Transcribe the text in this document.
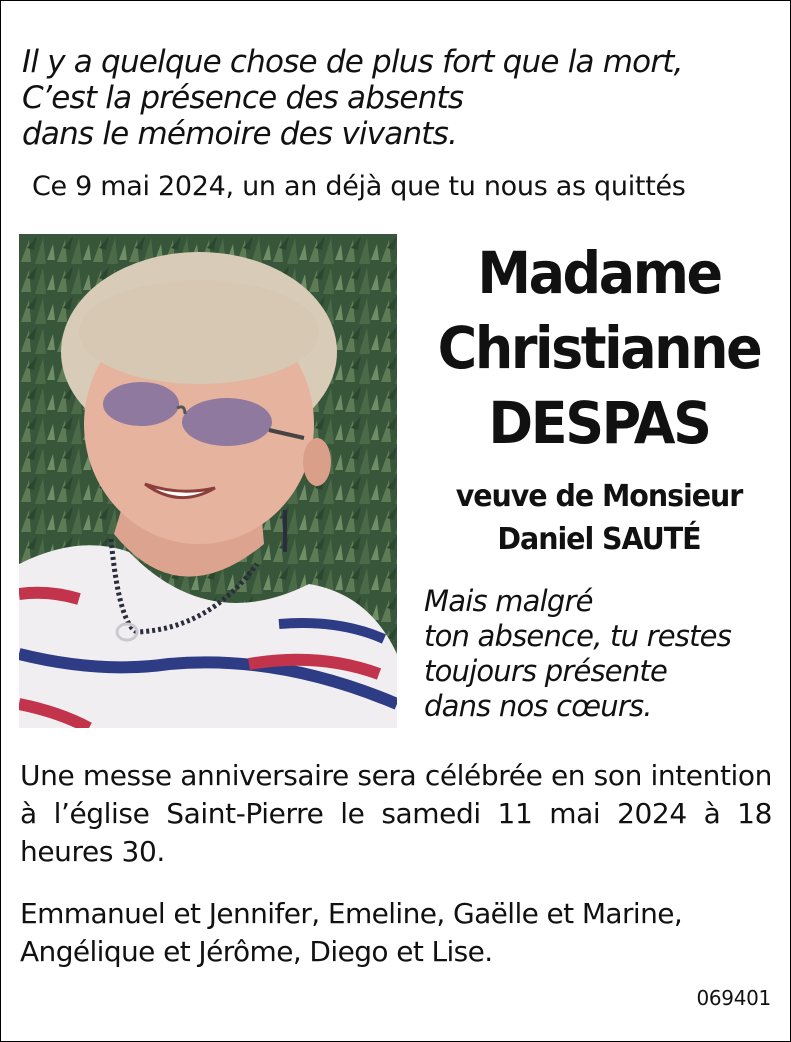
Il y a quelque chose de plus fort que la mort,
C’est la présence des absents
dans le mémoire des vivants.
Ce 9 mai 2024, un an déjà que tu nous as quittés
Madame
Christianne
DESPAS
veuve de Monsieur
Daniel SAUTÉ
Mais malgré
ton absence, tu restes
toujours présente
dans nos cœurs.

Une messe anniversaire sera célébrée en son intention à l’église Saint-Pierre le samedi 11 mai 2024 à 18 heures 30.

Emmanuel et Jennifer, Emeline, Gaëlle et Marine,
Angélique et Jérôme, Diego et Lise.
069401
